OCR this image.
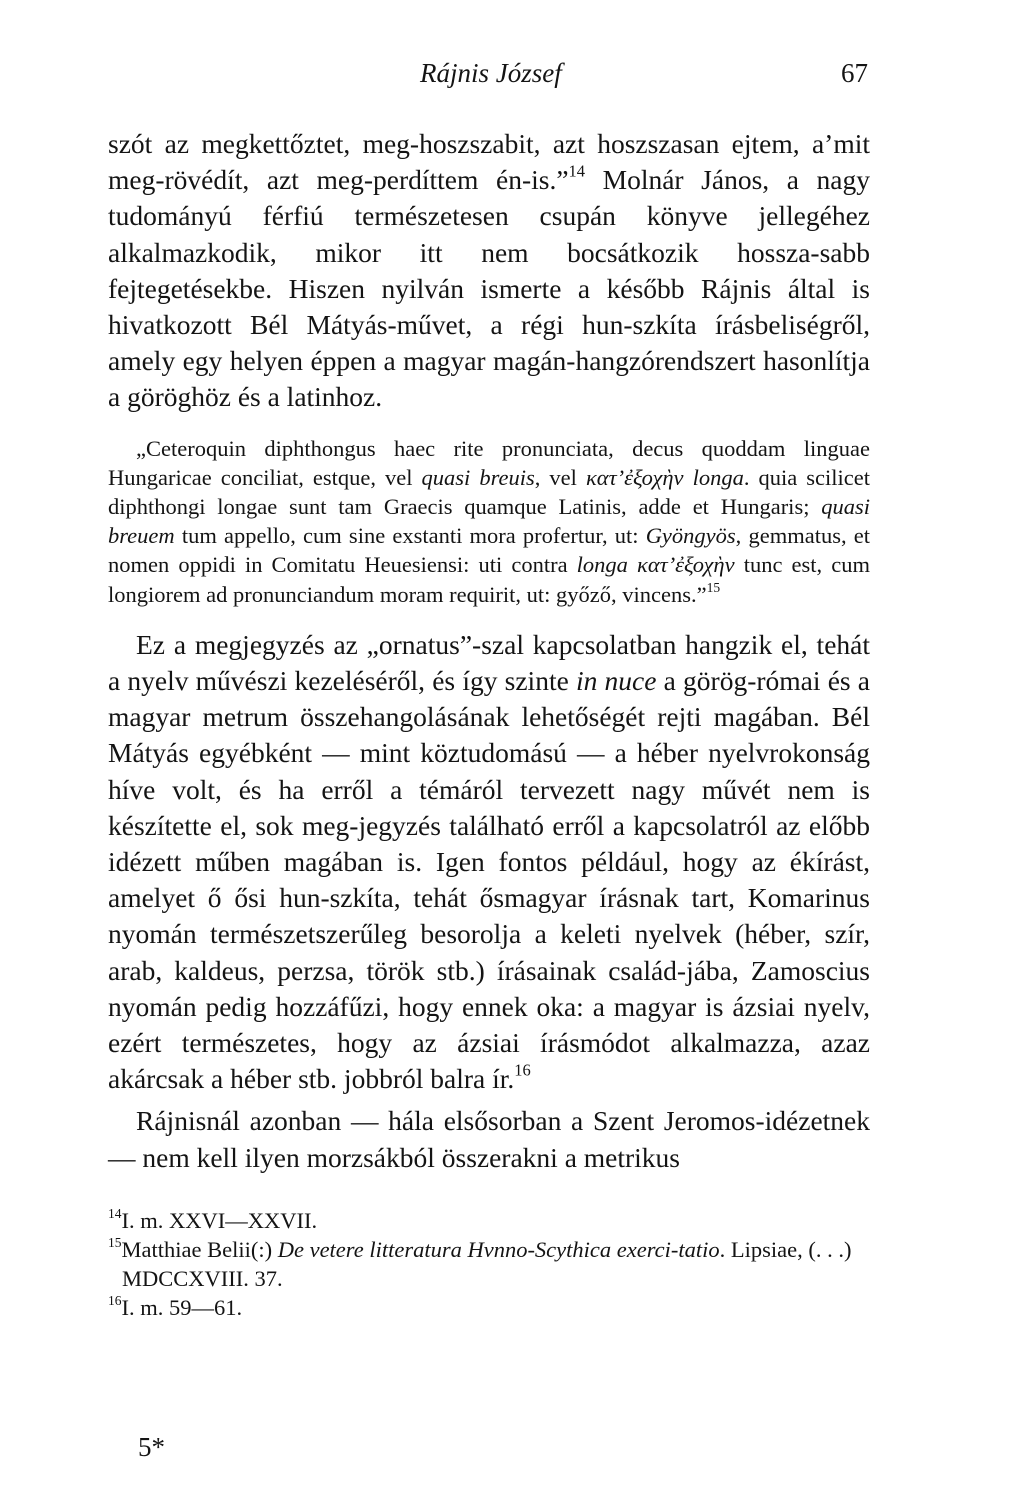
Rájnis József	67

szót az megkettőztet, meg-hoszszabit, azt hoszszasan ejtem, a’mit meg-rövédít, azt meg-perdíttem én-is.”$^{14}$ Molnár János, a nagy tudományú férfiú természetesen csupán könyve jellegéhez alkalmazkodik, mikor itt nem bocsátkozik hossza-sabb fejtegetésekbe. Hiszen nyilván ismerte a később Rájnis által is hivatkozott Bél Mátyás-művet, a régi hun-szkíta írásbeliségről, amely egy helyen éppen a magyar magán-hangzórendszert hasonlítja a göröghöz és a latinhoz.

„Ceteroquin diphthongus haec rite pronunciata, decus quoddam linguae Hungaricae conciliat, estque, vel quasi breuis, vel κατ’ἐξοχὴν longa. quia scilicet diphthongi longae sunt tam Graecis quamque Latinis, adde et Hungaris; quasi breuem tum appello, cum sine exstanti mora profertur, ut: Gyöngyös, gemmatus, et nomen oppidi in Comitatu Heuesiensi: uti contra longa κατ’ἐξοχὴν tunc est, cum longiorem ad pronunciandum moram requirit, ut: győző, vincens.”$^{15}$

Ez a megjegyzés az „ornatus”-szal kapcsolatban hangzik el, tehát a nyelv művészi kezeléséről, és így szinte in nuce a görög-római és a magyar metrum összehangolásának lehetőségét rejti magában. Bél Mátyás egyébként — mint köztudomású — a héber nyelvrokonság híve volt, és ha erről a témáról tervezett nagy művét nem is készítette el, sok meg-jegyzés található erről a kapcsolatról az előbb idézett műben magában is. Igen fontos például, hogy az ékírást, amelyet ő ősi hun-szkíta, tehát ősmagyar írásnak tart, Komarinus nyomán természetszerűleg besorolja a keleti nyelvek (héber, szír, arab, kaldeus, perzsa, török stb.) írásainak család-jába, Zamoscius nyomán pedig hozzáfűzi, hogy ennek oka: a magyar is ázsiai nyelv, ezért természetes, hogy az ázsiai írásmódot alkalmazza, azaz akárcsak a héber stb. jobbról balra ír.$^{16}$

Rájnisnál azonban — hála elsősorban a Szent Jeromos-idézetnek — nem kell ilyen morzsákból összerakni a metrikus

$^{14}$I. m. XXVI—XXVII.
$^{15}$Matthiae Belii(:) De vetere litteratura Hvnno-Scythica exerci-tatio. Lipsiae, (. . .) MDCCXVIII. 37.
$^{16}$I. m. 59—61.
5*
